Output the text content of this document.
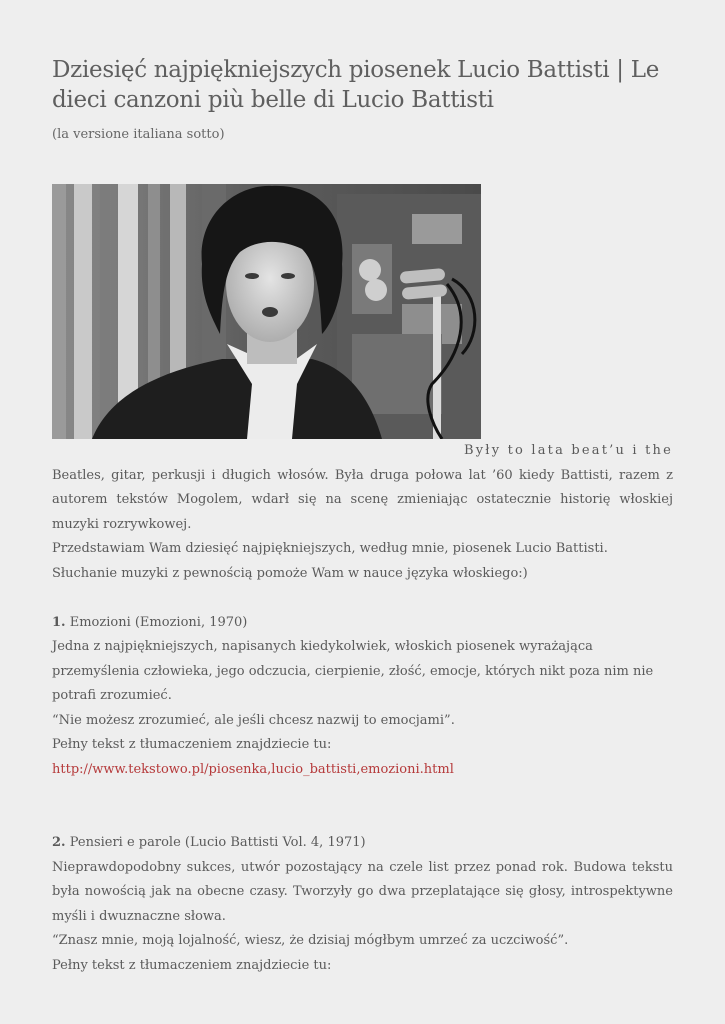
Dziesięć najpiękniejszych piosenek Lucio Battisti | Le dieci canzoni più belle di Lucio Battisti
(la versione italiana sotto)

Były to lata beat’u i the

Beatles, gitar, perkusji i długich włosów. Była druga połowa lat ’60 kiedy Battisti, razem z autorem tekstów Mogolem, wdarł się na scenę zmieniając ostatecznie historię włoskiej muzyki rozrywkowej.

Przedstawiam Wam dziesięć najpiękniejszych, według mnie, piosenek Lucio Battisti. Słuchanie muzyki z pewnością pomoże Wam w nauce języka włoskiego:)

1. Emozioni (Emozioni, 1970)

Jedna z najpiękniejszych, napisanych kiedykolwiek, włoskich piosenek wyrażająca przemyślenia człowieka, jego odczucia, cierpienie, złość, emocje, których nikt poza nim nie potrafi zrozumieć.

“Nie możesz zrozumieć, ale jeśli chcesz nazwij to emocjami”.

Pełny tekst z tłumaczeniem znajdziecie tu:

http://www.tekstowo.pl/piosenka,lucio_battisti,emozioni.html

2. Pensieri e parole (Lucio Battisti Vol. 4, 1971)

Nieprawdopodobny sukces, utwór pozostający na czele list przez ponad rok. Budowa tekstu była nowością jak na obecne czasy. Tworzyły go dwa przeplatające się głosy, introspektywne myśli i dwuznaczne słowa.

“Znasz mnie, moją lojalność, wiesz, że dzisiaj mógłbym umrzeć za uczciwość”.

Pełny tekst z tłumaczeniem znajdziecie tu:
